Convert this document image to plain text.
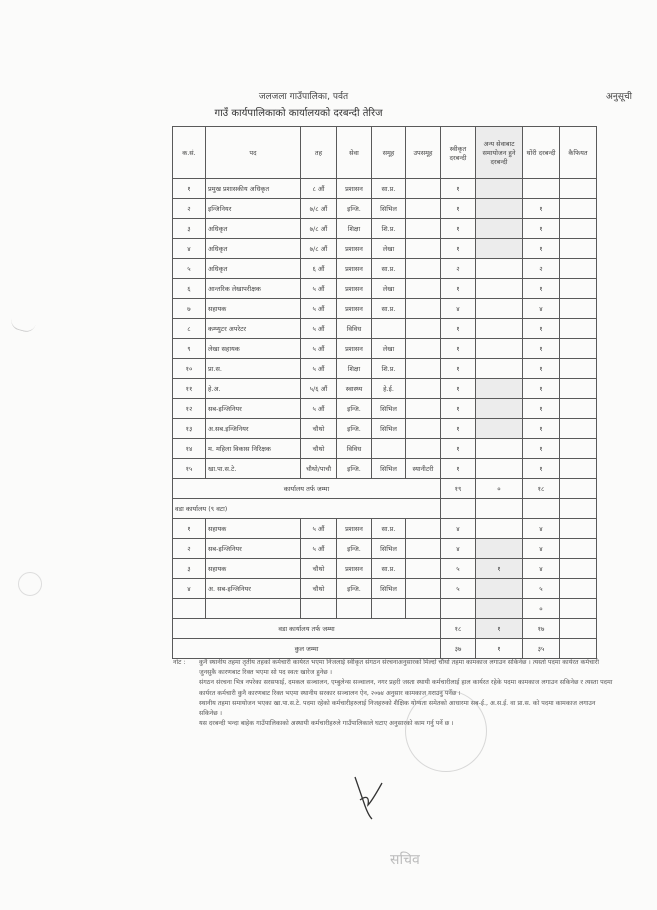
जलजला गाउँपालिका, पर्वत	अनुसूची
गाउँ कार्यपालिकाको कार्यालयको दरबन्दी तेरिज
क.सं.	पद	तह	सेवा	समूह	उपसमूह	स्वीकृत दरबन्दी	अन्य सेवाबाट समायोजन हुने दरबन्दी	थोंरी दरबन्दी	कैफियत
१	प्रमुख प्रशासकीय अधिकृत	८ औं	प्रशासन	सा.प्र.		१			
२	इन्जिनियर	७/८ औं	इन्जि.	सिभिल		१		१	
३	अधिकृत	७/८ औं	शिक्षा	शि.प्र.		१		१	
४	अधिकृत	७/८ औं	प्रशासन	लेखा		१		१	
५	अधिकृत	६ औं	प्रशासन	सा.प्र.		२		२	
६	आन्तरिक लेखापरीक्षक	५ औं	प्रशासन	लेखा		१		१	
७	सहायक	५ औं	प्रशासन	सा.प्र.		४		४	
८	कम्प्युटर अपरेटर	५ औं	विविध			१		१	
९	लेखा सहायक	५ औं	प्रशासन	लेखा		१		१	
१०	प्रा.स.	५ औं	शिक्षा	शि.प्र.		१		१	
११	हे.अ.	५/६ औं	स्वास्थ्य	हे.ई.		१		१	
१२	सब-इन्जिनियर	५ औं	इन्जि.	सिभिल		१		१	
१३	अ.सब.इन्जिनियर	चौथो	इन्जि.	सिभिल		१		१	
१४	म. महिला विकास निरिक्षक	चौथो	विविध			१		१	
१५	खा.पा.स.टे.	चौथो/पाचौ	इन्जि.	सिभिल	स्यानीटरी	१		१	
कार्यालय तर्फ जम्मा						१९	०	१८	
वडा कार्यालय (९ वटा)									
१	सहायक	५ औं	प्रशासन	सा.प्र.		४		४	
२	सब-इन्जिनियर	५ औं	इन्जि.	सिभिल		४		४	
३	सहायक	चौथो	प्रशासन	सा.प्र.		५	१	४	
४	अ. सब-इन्जिनियर	चौथो	इन्जि.	सिभिल		५		५	
								०	
वडा कार्यालय तर्फ जम्मा						१८	१	१७	
कुल जम्मा						३७	१	३५	
नोट : कुनै स्थानीय तहमा तृतीय तहको कर्मचारी कार्यरत भएमा निजलाई स्वीकृत संगठन संरचनाअनुसारको मिल्दो चौथो तहमा कामकाज लगाउन सकिनेछ । त्यस्तो पदमा कार्यरत कर्मचारी जुनसुकै कारणबाट रिक्त भएमा सो पद स्वतः खारेज हुनेछ ।

संगठन संरचना भित्र नपरेका सरसफाई, दमकल सञ्चालन, एम्बुलेन्स सञ्चालन, नगर प्रहरी जस्ता स्थायी कर्मचारीलाई हाल कार्यरत रहेके पदमा कामकाज लगाउन सकिनेछ र त्यस्ता पदमा कार्यरत कर्मचारी कुनै कारणबाट रिक्त भएमा स्थानीय सरकार सञ्चालन ऐन, २०७४ अनुसार कामकाज गराउनु पर्नेछ ।

स्थानीय तहमा समायोजन भएका खा.पा.स.टे. पदमा रहेको कर्मचारीहरुलाई निजहरुको शैक्षिक योग्यता समेतको आधारमा सब-ई., अ.स.ई. वा प्रा.स. को पदमा कामकाज लगाउन सकिनेछ ।

यस दरबन्दी भन्दा बाहेक गाउँपालिकाको अस्थायी कर्मचारीहरुले गाउँपालिकाले घटाए अनुसारको काम गर्नु पर्ने छ ।

सचिव
